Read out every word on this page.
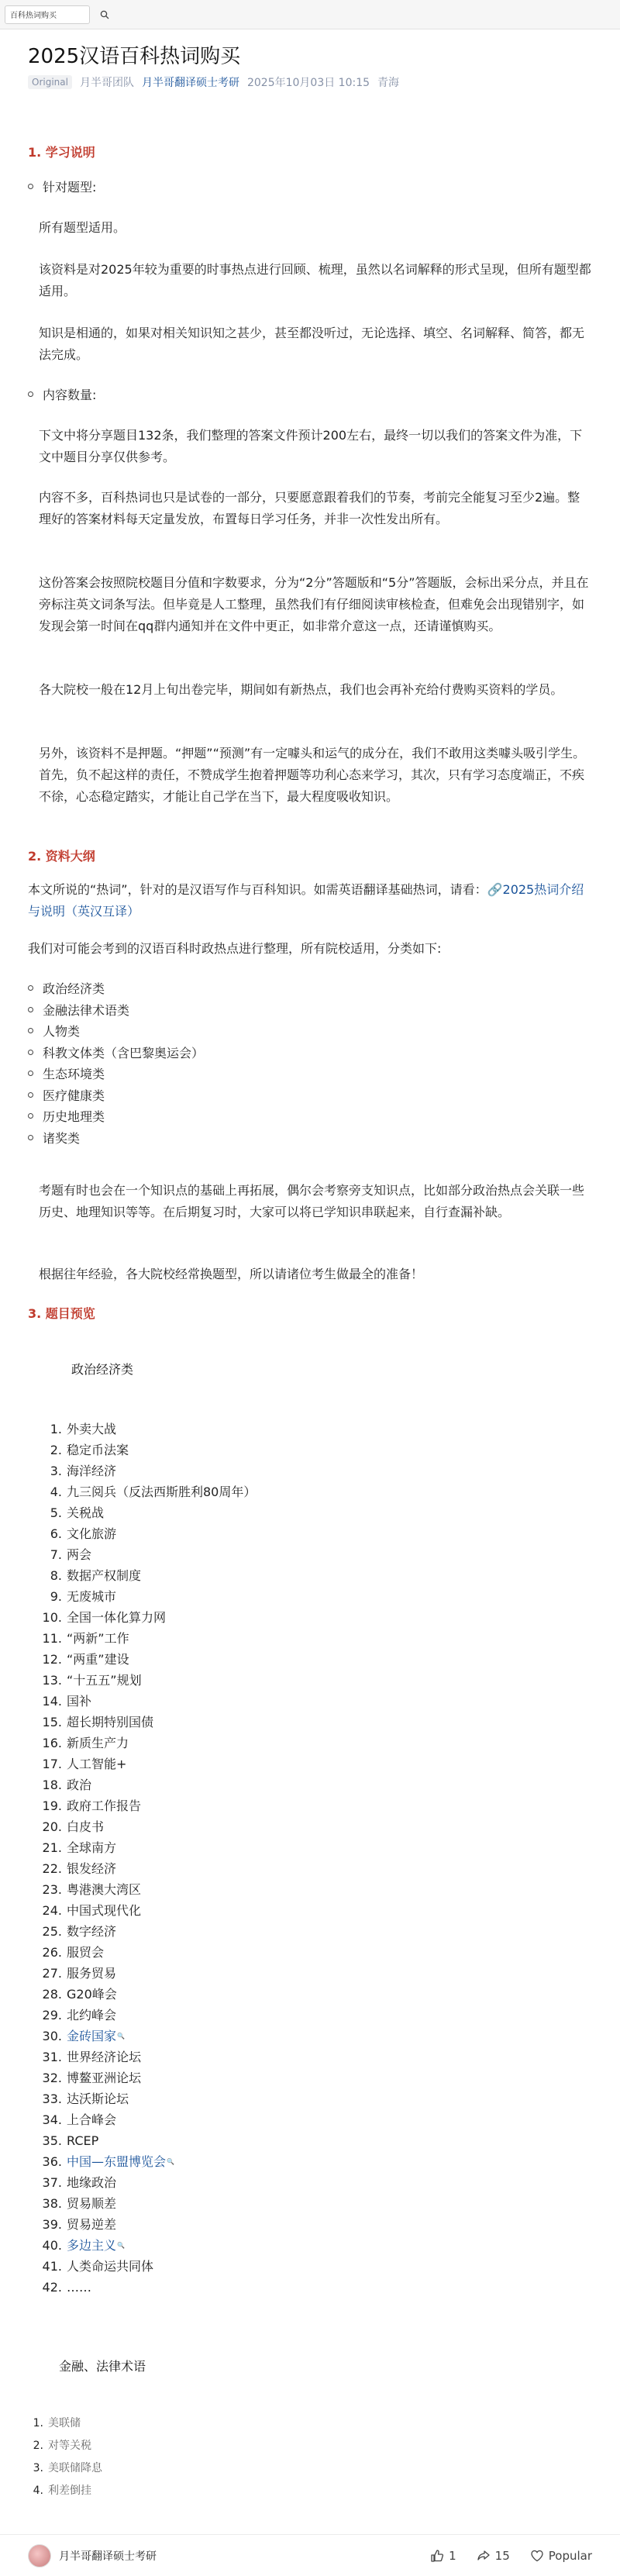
百科热词购买
2025汉语百科热词购买
Original	月半哥团队 月半哥翻译硕士考研 2025年10月03日 10:15 青海
1. 学习说明
针对题型:
所有题型适用。
该资料是对2025年较为重要的时事热点进行回顾、梳理，虽然以名词解释的形式呈现，但所有题型都适用。
知识是相通的，如果对相关知识知之甚少，甚至都没听过，无论选择、填空、名词解释、简答，都无法完成。
内容数量:
下文中将分享题目132条，我们整理的答案文件预计200左右，最终一切以我们的答案文件为准，下文中题目分享仅供参考。
内容不多，百科热词也只是试卷的一部分，只要愿意跟着我们的节奏，考前完全能复习至少2遍。整理好的答案材料每天定量发放，布置每日学习任务，并非一次性发出所有。
这份答案会按照院校题目分值和字数要求，分为“2分”答题版和“5分”答题版，会标出采分点，并且在旁标注英文词条写法。但毕竟是人工整理，虽然我们有仔细阅读审核检查，但难免会出现错别字，如发现会第一时间在qq群内通知并在文件中更正，如非常介意这一点，还请谨慎购买。
各大院校一般在12月上旬出卷完毕，期间如有新热点，我们也会再补充给付费购买资料的学员。
另外，该资料不是押题。“押题”“预测”有一定噱头和运气的成分在，我们不敢用这类噱头吸引学生。首先，负不起这样的责任，不赞成学生抱着押题等功利心态来学习，其次，只有学习态度端正，不疾不徐，心态稳定踏实，才能让自己学在当下，最大程度吸收知识。
2. 资料大纲
本文所说的“热词”，针对的是汉语写作与百科知识。如需英语翻译基础热词，请看：🔗2025热词介绍与说明（英汉互译）
我们对可能会考到的汉语百科时政热点进行整理，所有院校适用，分类如下:
政治经济类
金融法律术语类
人物类
科教文体类（含巴黎奥运会）
生态环境类
医疗健康类
历史地理类
诸奖类
考题有时也会在一个知识点的基础上再拓展，偶尔会考察旁支知识点，比如部分政治热点会关联一些历史、地理知识等等。在后期复习时，大家可以将已学知识串联起来，自行查漏补缺。
根据往年经验，各大院校经常换题型，所以请诸位考生做最全的准备！
3. 题目预览
政治经济类
1. 外卖大战
2. 稳定币法案
3. 海洋经济
4. 九三阅兵（反法西斯胜利80周年）
5. 关税战
6. 文化旅游
7. 两会
8. 数据产权制度
9. 无废城市
10. 全国一体化算力网
11. “两新”工作
12. “两重”建设
13. “十五五”规划
14. 国补
15. 超长期特别国债
16. 新质生产力
17. 人工智能+
18. 政治
19. 政府工作报告
20. 白皮书
21. 全球南方
22. 银发经济
23. 粤港澳大湾区
24. 中国式现代化
25. 数字经济
26. 服贸会
27. 服务贸易
28. G20峰会
29. 北约峰会
30. 金砖国家 🔍
31. 世界经济论坛
32. 博鳌亚洲论坛
33. 达沃斯论坛
34. 上合峰会
35. RCEP
36. 中国—东盟博览会 🔍
37. 地缘政治
38. 贸易顺差
39. 贸易逆差
40. 多边主义 🔍
41. 人类命运共同体
42. ……
金融、法律术语
1. 美联储
2. 对等关税
3. 美联储降息
4. 利差倒挂
月半哥翻译硕士考研	1	15	Popular
